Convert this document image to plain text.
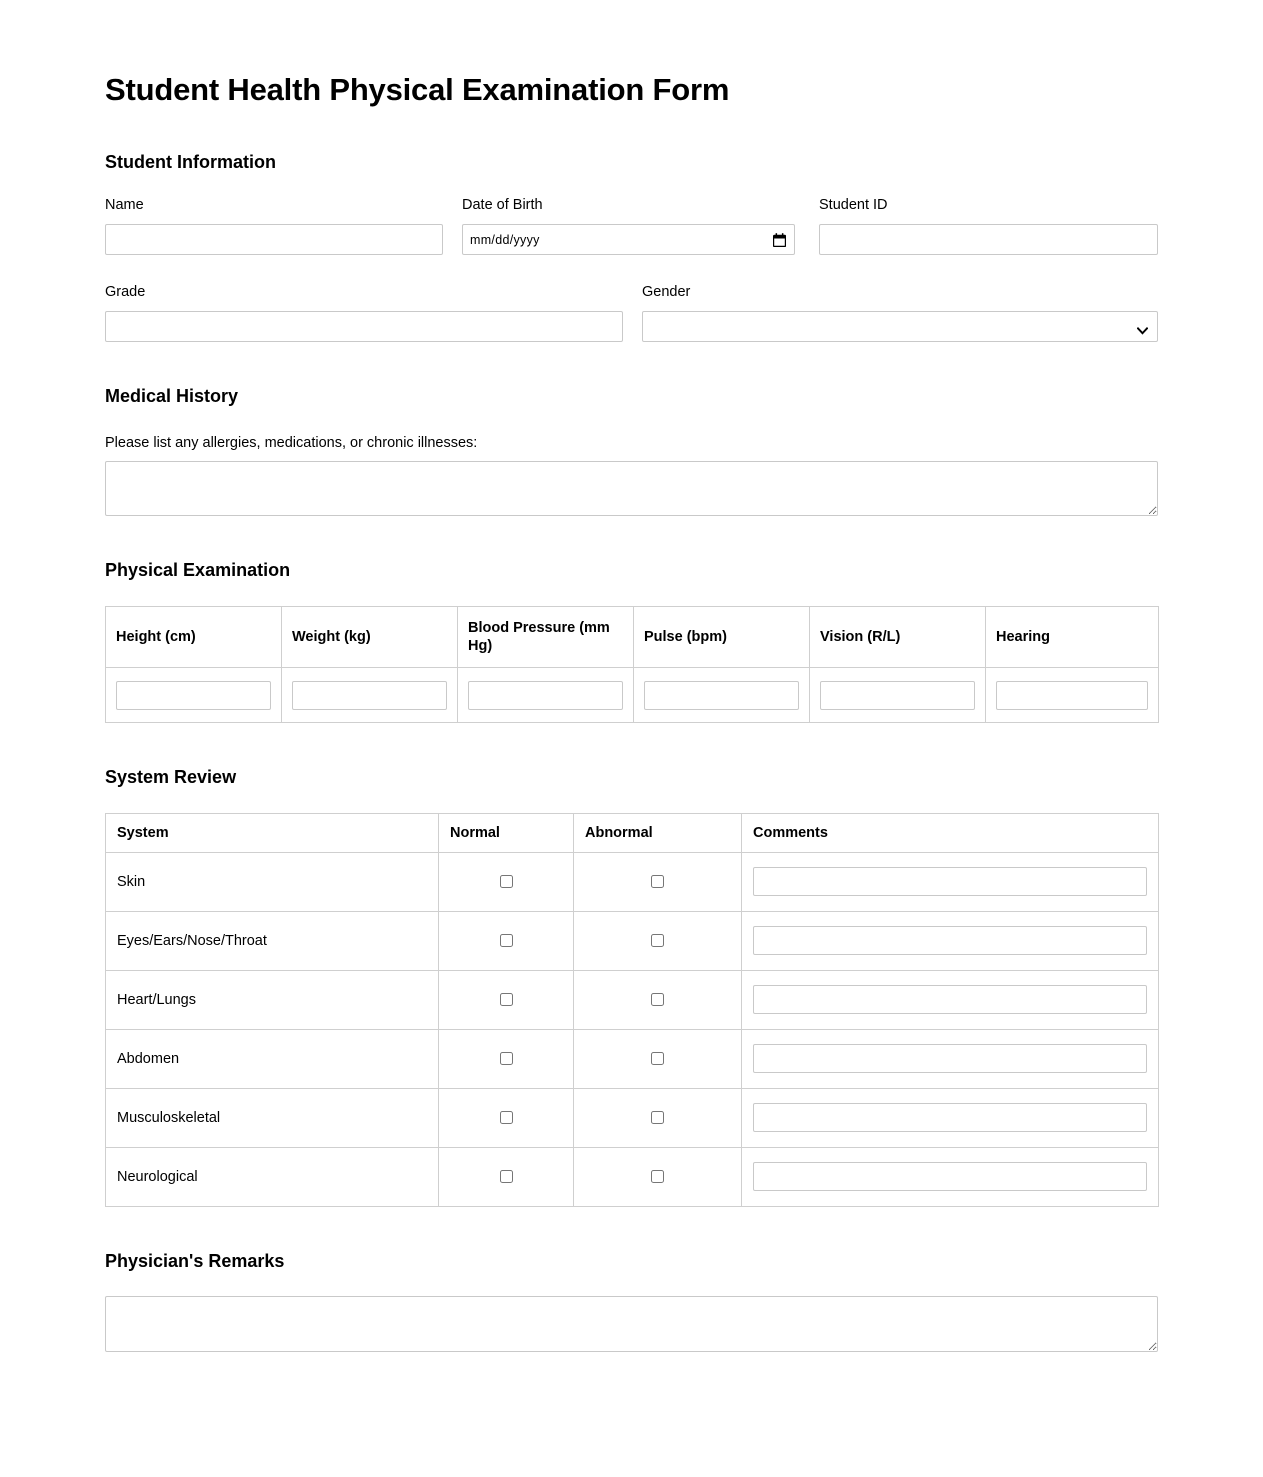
Student Health Physical Examination Form
Student Information
Name	Date of Birth
mm/dd/yyyy
Student ID
Grade	Gender
Medical History

Please list any allergies, medications, or chronic illnesses:

Physical Examination
Height (cm)	Weight (kg)	Blood Pressure (mm Hg)	Pulse (bpm)	Vision (R/L)	Hearing

System Review
System	Normal	Abnormal	Comments
Skin			
Eyes/Ears/Nose/Throat			
Heart/Lungs			
Abdomen			
Musculoskeletal			
Neurological			
Physician's Remarks
